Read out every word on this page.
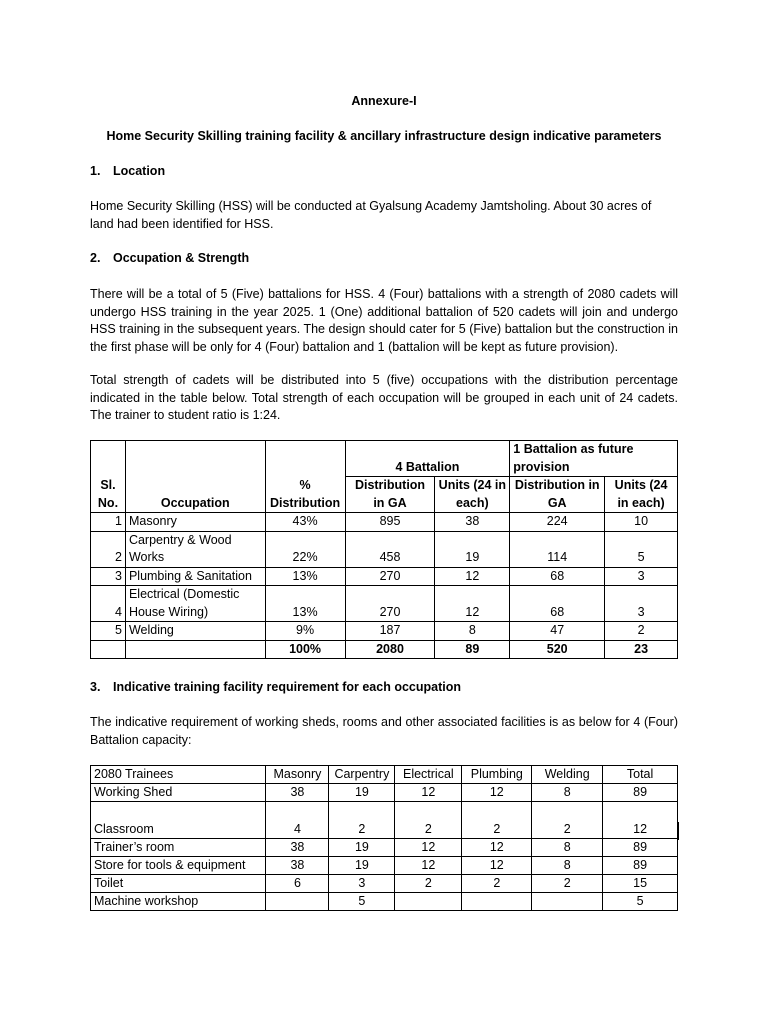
Annexure-I
Home Security Skilling training facility & ancillary infrastructure design indicative parameters
1. Location
Home Security Skilling (HSS) will be conducted at Gyalsung Academy Jamtsholing. About 30 acres of land had been identified for HSS.
2. Occupation & Strength
There will be a total of 5 (Five) battalions for HSS. 4 (Four) battalions with a strength of 2080 cadets will undergo HSS training in the year 2025. 1 (One) additional battalion of 520 cadets will join and undergo HSS training in the subsequent years. The design should cater for 5 (Five) battalion but the construction in the first phase will be only for 4 (Four) battalion and 1 (battalion will be kept as future provision).
Total strength of cadets will be distributed into 5 (five) occupations with the distribution percentage indicated in the table below. Total strength of each occupation will be grouped in each unit of 24 cadets. The trainer to student ratio is 1:24.
Sl.
No.	Occupation		4 Battalion		1 Battalion as future provision	
		% Distribution	Distribution in GA	Units (24 in each)	Distribution in GA	Units (24 in each)
1	Masonry	43%	895	38	224	10
2	Carpentry & Wood Works	22%	458	19	114	5
3	Plumbing & Sanitation	13%	270	12	68	3
4	Electrical (Domestic House Wiring)	13%	270	12	68	3
5	Welding	9%	187	8	47	2
		100%	2080	89	520	23
3. Indicative training facility requirement for each occupation
The indicative requirement of working sheds, rooms and other associated facilities is as below for 4 (Four) Battalion capacity:
2080 Trainees	Masonry	Carpentry	Electrical	Plumbing	Welding	Total
Working Shed	38	19	12	12	8	89
Classroom	4	2	2	2	2	12
Trainer’s room	38	19	12	12	8	89
Store for tools & equipment	38	19	12	12	8	89
Toilet	6	3	2	2	2	15
Machine workshop		5				5
